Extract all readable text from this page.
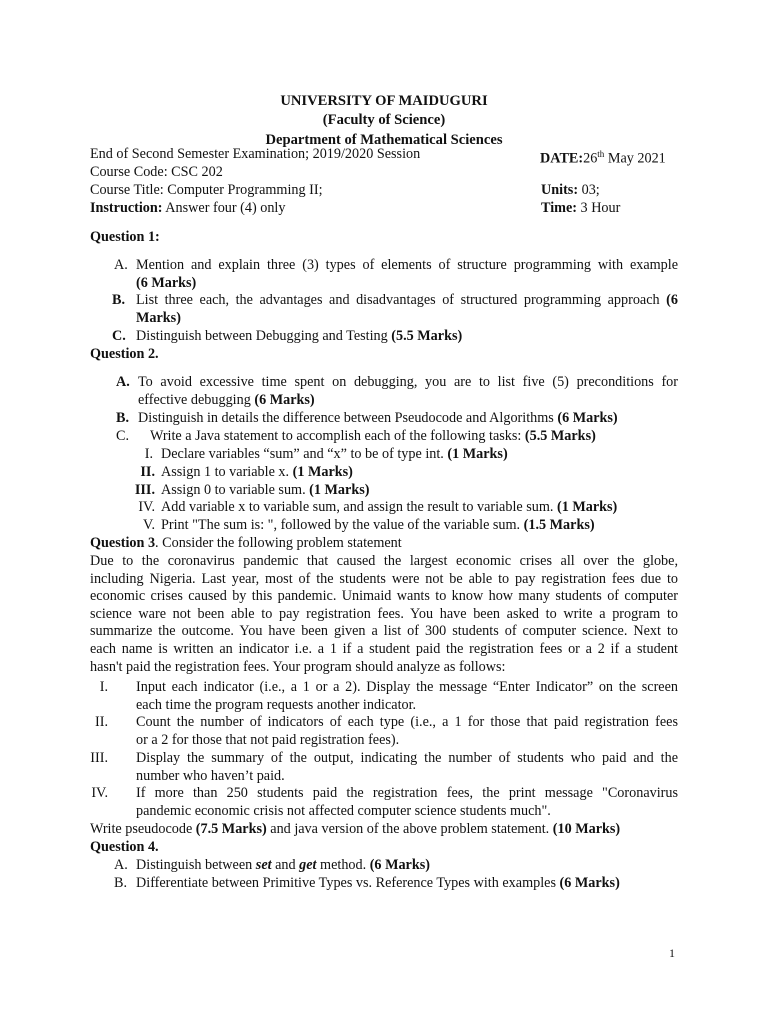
UNIVERSITY OF MAIDUGURI
(Faculty of Science)
Department of Mathematical Sciences
End of Second Semester Examination; 2019/2020 Session	DATE:26th May 2021
Course Code: CSC 202
Course Title: Computer Programming II;	Units: 03;
Instruction: Answer four (4) only	Time: 3 Hour
Question 1:
A. Mention and explain three (3) types of elements of structure programming with example
(6 Marks)
B. List three each, the advantages and disadvantages of structured programming approach (6
Marks)
C. Distinguish between Debugging and Testing (5.5 Marks)
Question 2.
A. To avoid excessive time spent on debugging, you are to list five (5) preconditions for
effective debugging (6 Marks)
B. Distinguish in details the difference between Pseudocode and Algorithms (6 Marks)
C. Write a Java statement to accomplish each of the following tasks: (5.5 Marks)
I. Declare variables “sum” and “x” to be of type int. (1 Marks)
II. Assign 1 to variable x. (1 Marks)
III. Assign 0 to variable sum. (1 Marks)
IV. Add variable x to variable sum, and assign the result to variable sum. (1 Marks)
V. Print "The sum is: ", followed by the value of the variable sum. (1.5 Marks)
Question 3. Consider the following problem statement
Due to the coronavirus pandemic that caused the largest economic crises all over the globe,
including Nigeria. Last year, most of the students were not be able to pay registration fees due to
economic crises caused by this pandemic. Unimaid wants to know how many students of computer
science ware not been able to pay registration fees. You have been asked to write a program to
summarize the outcome. You have been given a list of 300 students of computer science. Next to
each name is written an indicator i.e. a 1 if a student paid the registration fees or a 2 if a student
hasn't paid the registration fees. Your program should analyze as follows:
I. Input each indicator (i.e., a 1 or a 2). Display the message “Enter Indicator” on the screen
each time the program requests another indicator.
II. Count the number of indicators of each type (i.e., a 1 for those that paid registration fees
or a 2 for those that not paid registration fees).
III. Display the summary of the output, indicating the number of students who paid and the
number who haven’t paid.
IV. If more than 250 students paid the registration fees, the print message "Coronavirus
pandemic economic crisis not affected computer science students much".
Write pseudocode (7.5 Marks) and java version of the above problem statement. (10 Marks)
Question 4.
A. Distinguish between set and get method. (6 Marks)
B. Differentiate between Primitive Types vs. Reference Types with examples (6 Marks)
1
